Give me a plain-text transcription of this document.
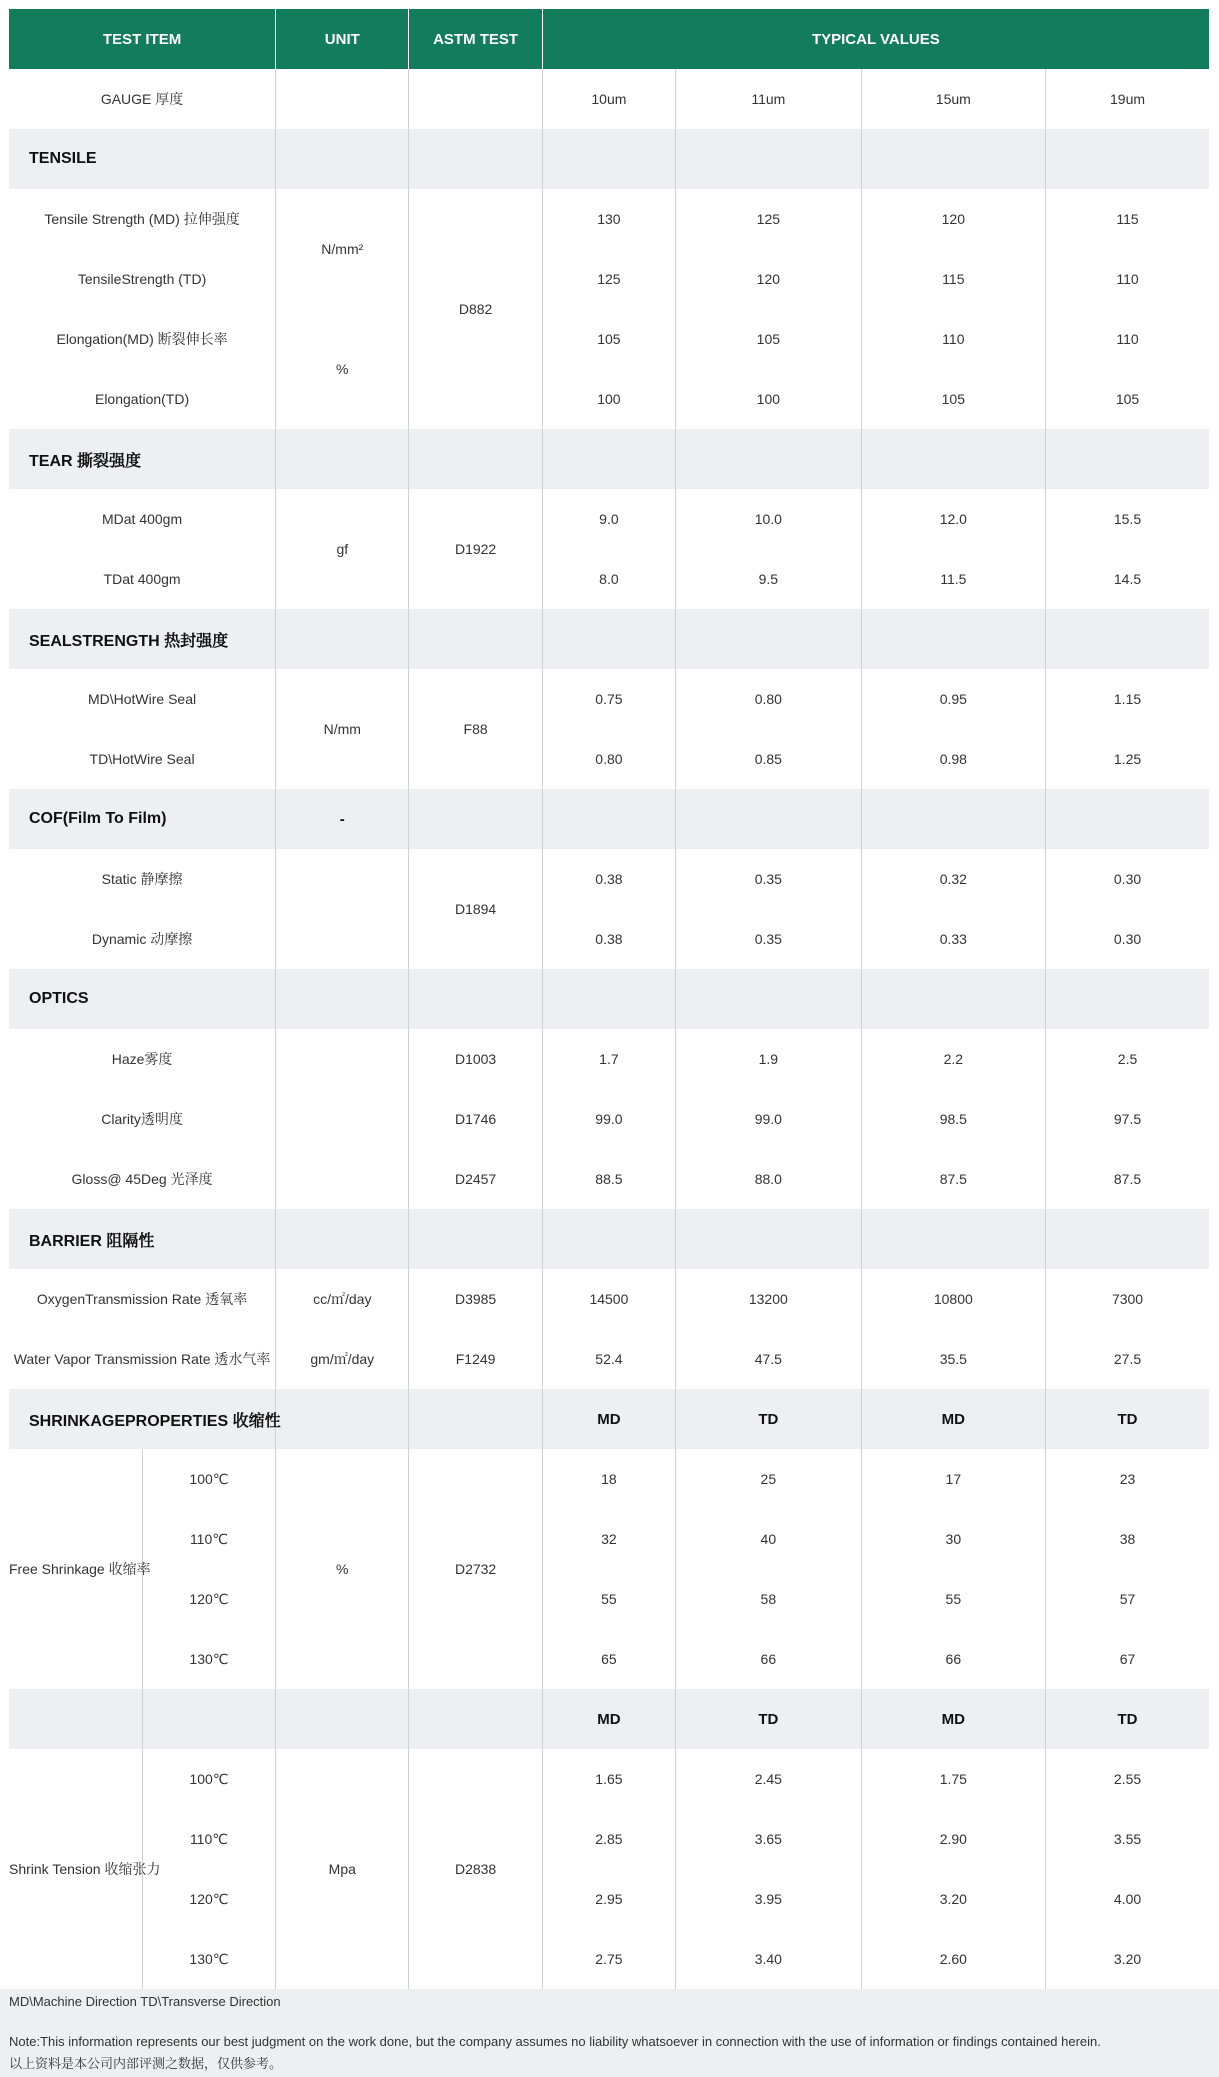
TEST ITEM		UNIT	ASTM TEST	TYPICAL VALUES			
GAUGE 厚度				10um	11um	15um	19um
TENSILE							
Tensile Strength (MD) 拉伸强度		N/mm²	D882	130	125	120	115
TensileStrength (TD)				125	120	115	110
Elongation(MD) 断裂伸长率		%		105	105	110	110
Elongation(TD)				100	100	105	105
TEAR 撕裂强度							
MDat 400gm		gf	D1922	9.0	10.0	12.0	15.5
TDat 400gm				8.0	9.5	11.5	14.5
SEALSTRENGTH 热封强度							
MD\HotWire Seal		N/mm	F88	0.75	0.80	0.95	1.15
TD\HotWire Seal				0.80	0.85	0.98	1.25
COF(Film To Film)		-					
Static 静摩擦			D1894	0.38	0.35	0.32	0.30
Dynamic 动摩擦				0.38	0.35	0.33	0.30
OPTICS							
Haze雾度			D1003	1.7	1.9	2.2	2.5
Clarity透明度			D1746	99.0	99.0	98.5	97.5
Gloss@ 45Deg 光泽度			D2457	88.5	88.0	87.5	87.5
BARRIER 阻隔性							
OxygenTransmission Rate 透氧率		cc/㎡/day	D3985	14500	13200	10800	7300
Water Vapor Transmission Rate 透水气率		gm/㎡/day	F1249	52.4	47.5	35.5	27.5
SHRINKAGEPROPERTIES 收缩性				MD	TD	MD	TD
Free Shrinkage 收缩率	100℃	%	D2732	18	25	17	23
	110℃			32	40	30	38
	120℃			55	58	55	57
	130℃			65	66	66	67
				MD	TD	MD	TD
Shrink Tension 收缩张力	100℃	Mpa	D2838	1.65	2.45	1.75	2.55
	110℃			2.85	3.65	2.90	3.55
	120℃			2.95	3.95	3.20	4.00
	130℃			2.75	3.40	2.60	3.20
MD\Machine Direction TD\Transverse Direction
Note:This information represents our best judgment on the work done, but the company assumes no liability whatsoever in connection with the use of information or findings contained herein.
以上资料是本公司内部评测之数据，仅供参考。
